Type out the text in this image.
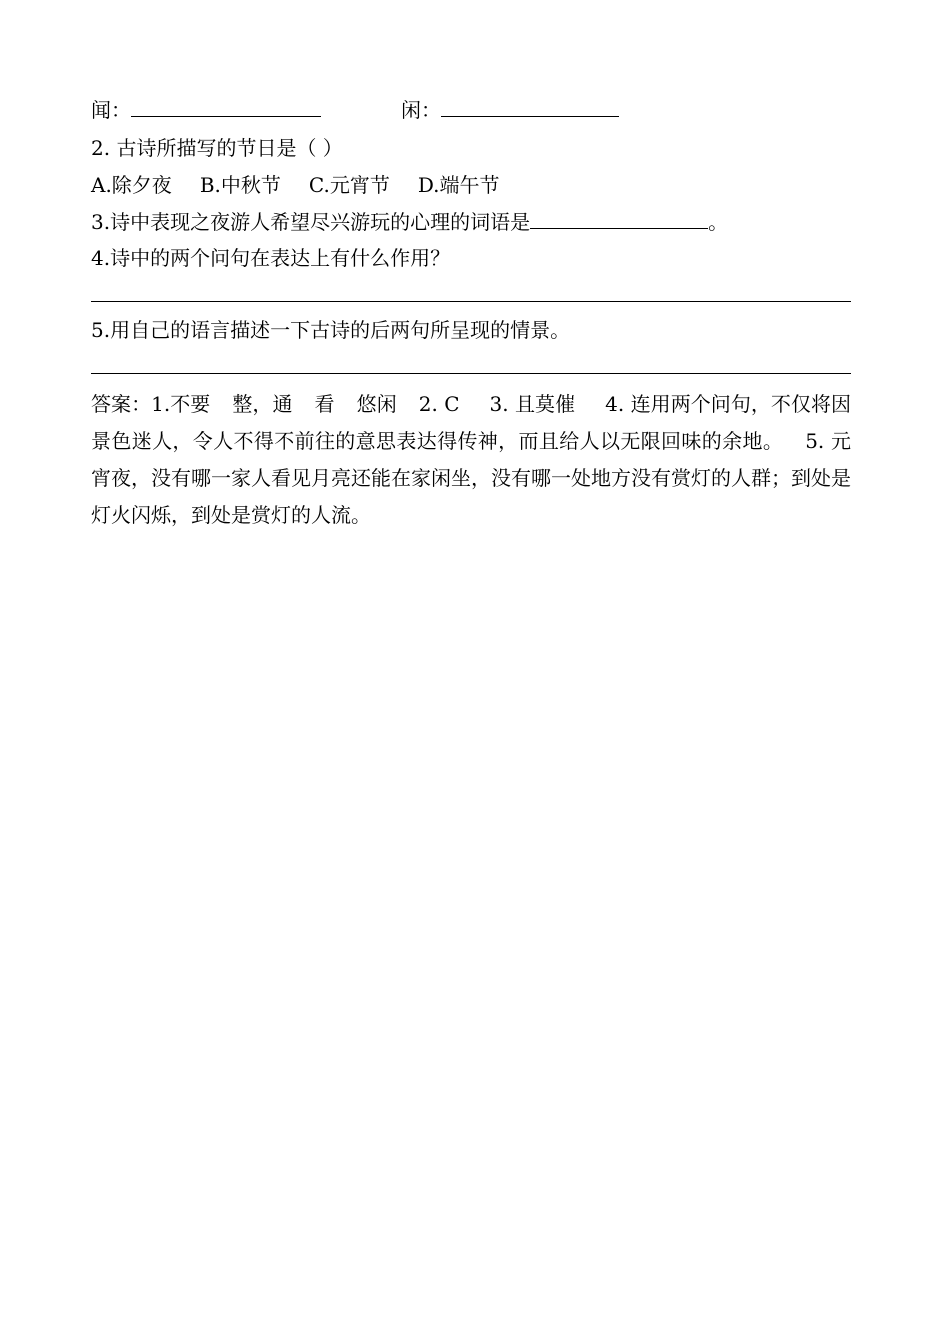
闻：	闲：
2. 古诗所描写的节日是（ ）
A.除夕夜 B.中秋节 C.元宵节 D.端午节
3.诗中表现之夜游人希望尽兴游玩的心理的词语是	。
4.诗中的两个问句在表达上有什么作用？
5.用自己的语言描述一下古诗的后两句所呈现的情景。
答案：1.不要 整，通 看 悠闲 2. C 3. 且莫催 4. 连用两个问句，不仅将因景色迷人，令人不得不前往的意思表达得传神，而且给人以无限回味的余地。 5. 元宵夜，没有哪一家人看见月亮还能在家闲坐，没有哪一处地方没有赏灯的人群；到处是灯火闪烁，到处是赏灯的人流。
